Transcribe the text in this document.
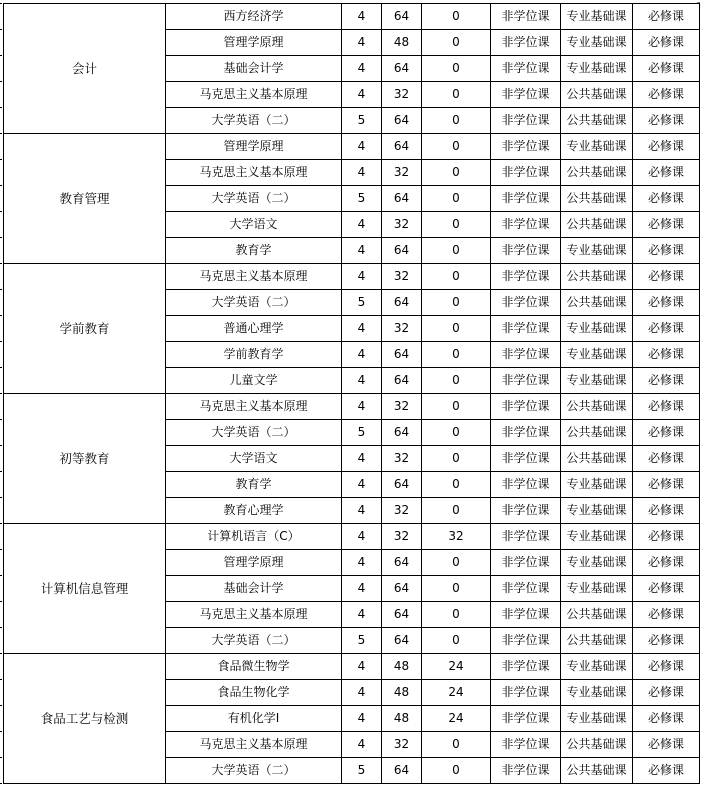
┐
会计	西方经济学	4	64	0	非学位课	专业基础课	必修课
	管理学原理	4	48	0	非学位课	专业基础课	必修课
	基础会计学	4	64	0	非学位课	专业基础课	必修课
	马克思主义基本原理	4	32	0	非学位课	公共基础课	必修课
	大学英语（二）	5	64	0	非学位课	公共基础课	必修课
教育管理	管理学原理	4	64	0	非学位课	专业基础课	必修课
	马克思主义基本原理	4	32	0	非学位课	公共基础课	必修课
	大学英语（二）	5	64	0	非学位课	公共基础课	必修课
	大学语文	4	32	0	非学位课	公共基础课	必修课
	教育学	4	64	0	非学位课	专业基础课	必修课
学前教育	马克思主义基本原理	4	32	0	非学位课	公共基础课	必修课
	大学英语（二）	5	64	0	非学位课	公共基础课	必修课
	普通心理学	4	32	0	非学位课	专业基础课	必修课
	学前教育学	4	64	0	非学位课	专业基础课	必修课
	儿童文学	4	64	0	非学位课	专业基础课	必修课
初等教育	马克思主义基本原理	4	32	0	非学位课	公共基础课	必修课
	大学英语（二）	5	64	0	非学位课	公共基础课	必修课
	大学语文	4	32	0	非学位课	公共基础课	必修课
	教育学	4	64	0	非学位课	专业基础课	必修课
	教育心理学	4	32	0	非学位课	专业基础课	必修课
计算机信息管理	计算机语言（C）	4	32	32	非学位课	专业基础课	必修课
	管理学原理	4	64	0	非学位课	专业基础课	必修课
	基础会计学	4	64	0	非学位课	专业基础课	必修课
	马克思主义基本原理	4	64	0	非学位课	公共基础课	必修课
	大学英语（二）	5	64	0	非学位课	公共基础课	必修课
食品工艺与检测	食品微生物学	4	48	24	非学位课	专业基础课	必修课
	食品生物化学	4	48	24	非学位课	专业基础课	必修课
	有机化学I	4	48	24	非学位课	专业基础课	必修课
	马克思主义基本原理	4	32	0	非学位课	公共基础课	必修课
	大学英语（二）	5	64	0	非学位课	公共基础课	必修课
